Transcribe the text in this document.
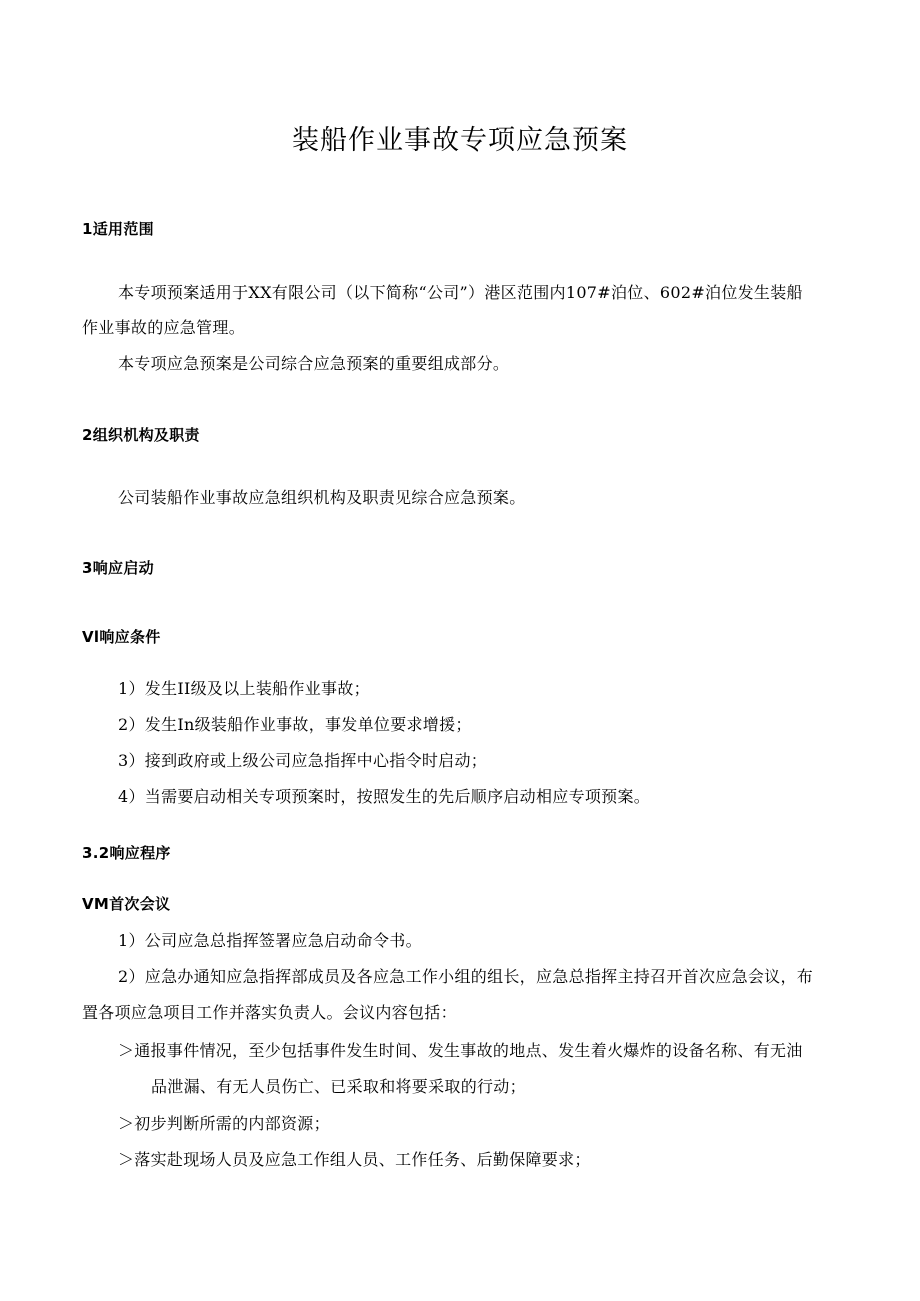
装船作业事故专项应急预案
1适用范围
本专项预案适用于XX有限公司（以下简称“公司”）港区范围内107#泊位、602#泊位发生装船
作业事故的应急管理。
本专项应急预案是公司综合应急预案的重要组成部分。
2组织机构及职责
公司装船作业事故应急组织机构及职责见综合应急预案。
3响应启动
Vl响应条件
1）发生II级及以上装船作业事故；
2）发生In级装船作业事故，事发单位要求增援；
3）接到政府或上级公司应急指挥中心指令时启动；
4）当需要启动相关专项预案时，按照发生的先后顺序启动相应专项预案。
3.2响应程序
VM首次会议
1）公司应急总指挥签署应急启动命令书。
2）应急办通知应急指挥部成员及各应急工作小组的组长，应急总指挥主持召开首次应急会议，布
置各项应急项目工作并落实负责人。会议内容包括：
＞通报事件情况，至少包括事件发生时间、发生事故的地点、发生着火爆炸的设备名称、有无油
品泄漏、有无人员伤亡、已采取和将要采取的行动；
＞初步判断所需的内部资源；
＞落实赴现场人员及应急工作组人员、工作任务、后勤保障要求；
